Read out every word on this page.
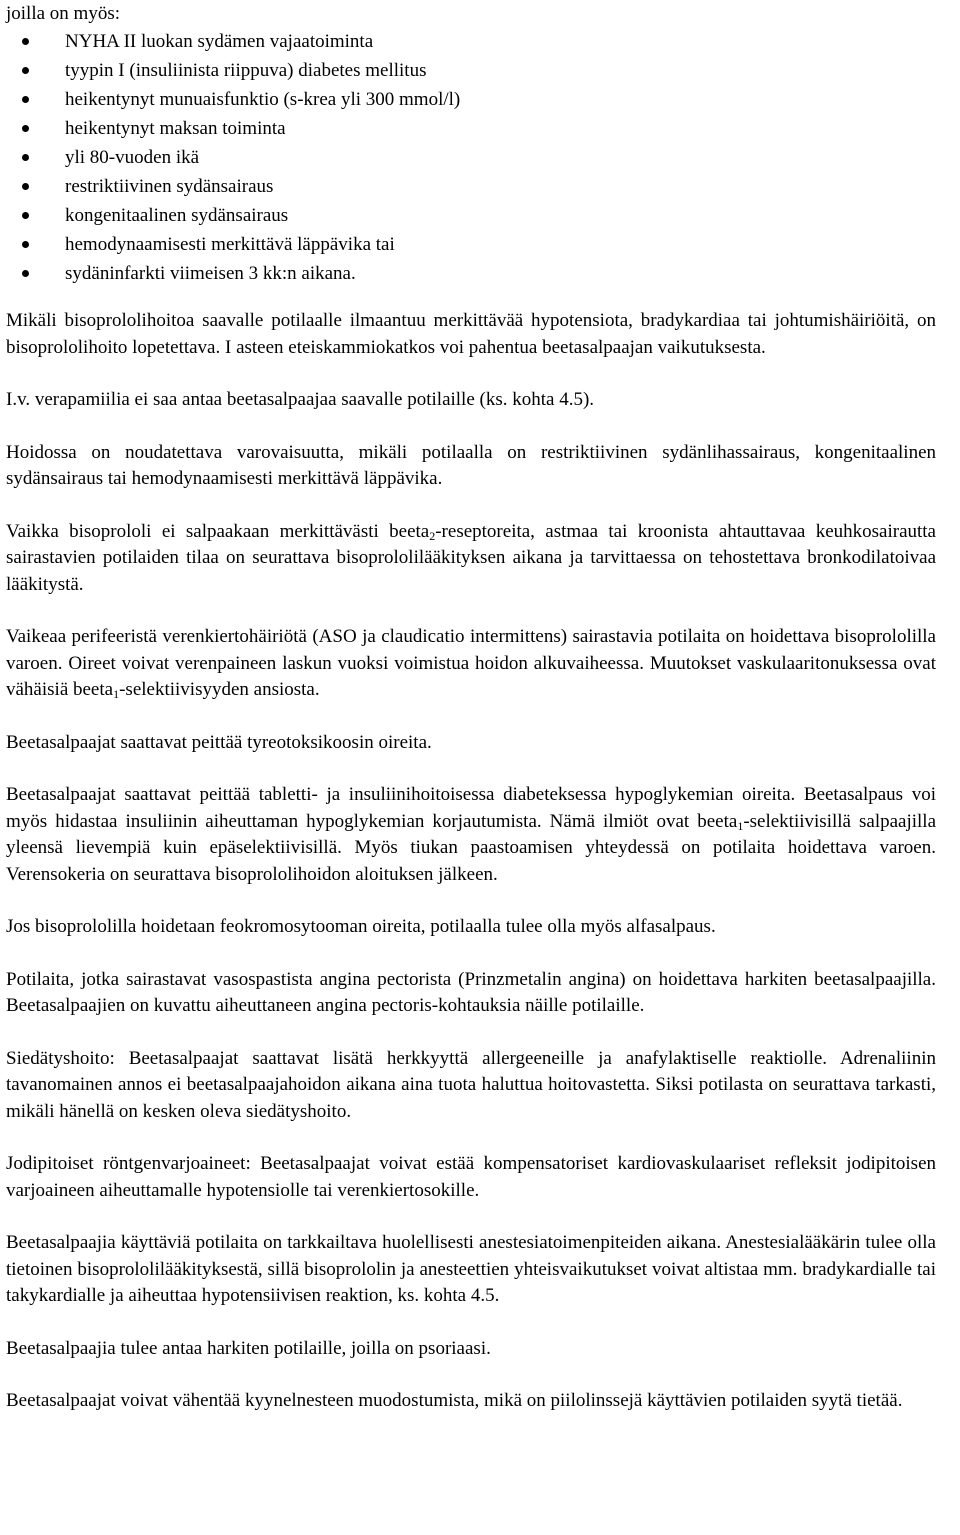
joilla on myös:

NYHA II luokan sydämen vajaatoiminta
tyypin I (insuliinista riippuva) diabetes mellitus
heikentynyt munuaisfunktio (s-krea yli 300 mmol/l)
heikentynyt maksan toiminta
yli 80-vuoden ikä
restriktiivinen sydänsairaus
kongenitaalinen sydänsairaus
hemodynaamisesti merkittävä läppävika tai
sydäninfarkti viimeisen 3 kk:n aikana.

Mikäli bisoprololihoitoa saavalle potilaalle ilmaantuu merkittävää hypotensiota, bradykardiaa tai johtumishäiriöitä, on bisoprololihoito lopetettava. I asteen eteiskammiokatkos voi pahentua beetasalpaajan vaikutuksesta.

I.v. verapamiilia ei saa antaa beetasalpaajaa saavalle potilaille (ks. kohta 4.5).

Hoidossa on noudatettava varovaisuutta, mikäli potilaalla on restriktiivinen sydänlihassairaus, kongenitaalinen sydänsairaus tai hemodynaamisesti merkittävä läppävika.

Vaikka bisoprololi ei salpaakaan merkittävästi beeta$_2$-reseptoreita, astmaa tai kroonista ahtauttavaa keuhkosairautta sairastavien potilaiden tilaa on seurattava bisoprololilääkityksen aikana ja tarvittaessa on tehostettava bronkodilatoivaa lääkitystä.

Vaikeaa perifeeristä verenkiertohäiriötä (ASO ja claudicatio intermittens) sairastavia potilaita on hoidettava bisoprololilla varoen. Oireet voivat verenpaineen laskun vuoksi voimistua hoidon alkuvaiheessa. Muutokset vaskulaaritonuksessa ovat vähäisiä beeta$_1$-selektiivisyyden ansiosta.

Beetasalpaajat saattavat peittää tyreotoksikoosin oireita.

Beetasalpaajat saattavat peittää tabletti- ja insuliinihoitoisessa diabeteksessa hypoglykemian oireita. Beetasalpaus voi myös hidastaa insuliinin aiheuttaman hypoglykemian korjautumista. Nämä ilmiöt ovat beeta$_1$-selektiivisillä salpaajilla yleensä lievempiä kuin epäselektiivisillä. Myös tiukan paastoamisen yhteydessä on potilaita hoidettava varoen. Verensokeria on seurattava bisoprololihoidon aloituksen jälkeen.

Jos bisoprololilla hoidetaan feokromosytooman oireita, potilaalla tulee olla myös alfasalpaus.

Potilaita, jotka sairastavat vasospastista angina pectorista (Prinzmetalin angina) on hoidettava harkiten beetasalpaajilla. Beetasalpaajien on kuvattu aiheuttaneen angina pectoris-kohtauksia näille potilaille.

Siedätyshoito: Beetasalpaajat saattavat lisätä herkkyyttä allergeeneille ja anafylaktiselle reaktiolle. Adrenaliinin tavanomainen annos ei beetasalpaajahoidon aikana aina tuota haluttua hoitovastetta. Siksi potilasta on seurattava tarkasti, mikäli hänellä on kesken oleva siedätyshoito.

Jodipitoiset röntgenvarjoaineet: Beetasalpaajat voivat estää kompensatoriset kardiovaskulaariset refleksit jodipitoisen varjoaineen aiheuttamalle hypotensiolle tai verenkiertosokille.

Beetasalpaajia käyttäviä potilaita on tarkkailtava huolellisesti anestesiatoimenpiteiden aikana. Anestesialääkärin tulee olla tietoinen bisoprololilääkityksestä, sillä bisoprololin ja anesteettien yhteisvaikutukset voivat altistaa mm. bradykardialle tai takykardialle ja aiheuttaa hypotensiivisen reaktion, ks. kohta 4.5.

Beetasalpaajia tulee antaa harkiten potilaille, joilla on psoriaasi.

Beetasalpaajat voivat vähentää kyynelnesteen muodostumista, mikä on piilolinssejä käyttävien potilaiden syytä tietää.
